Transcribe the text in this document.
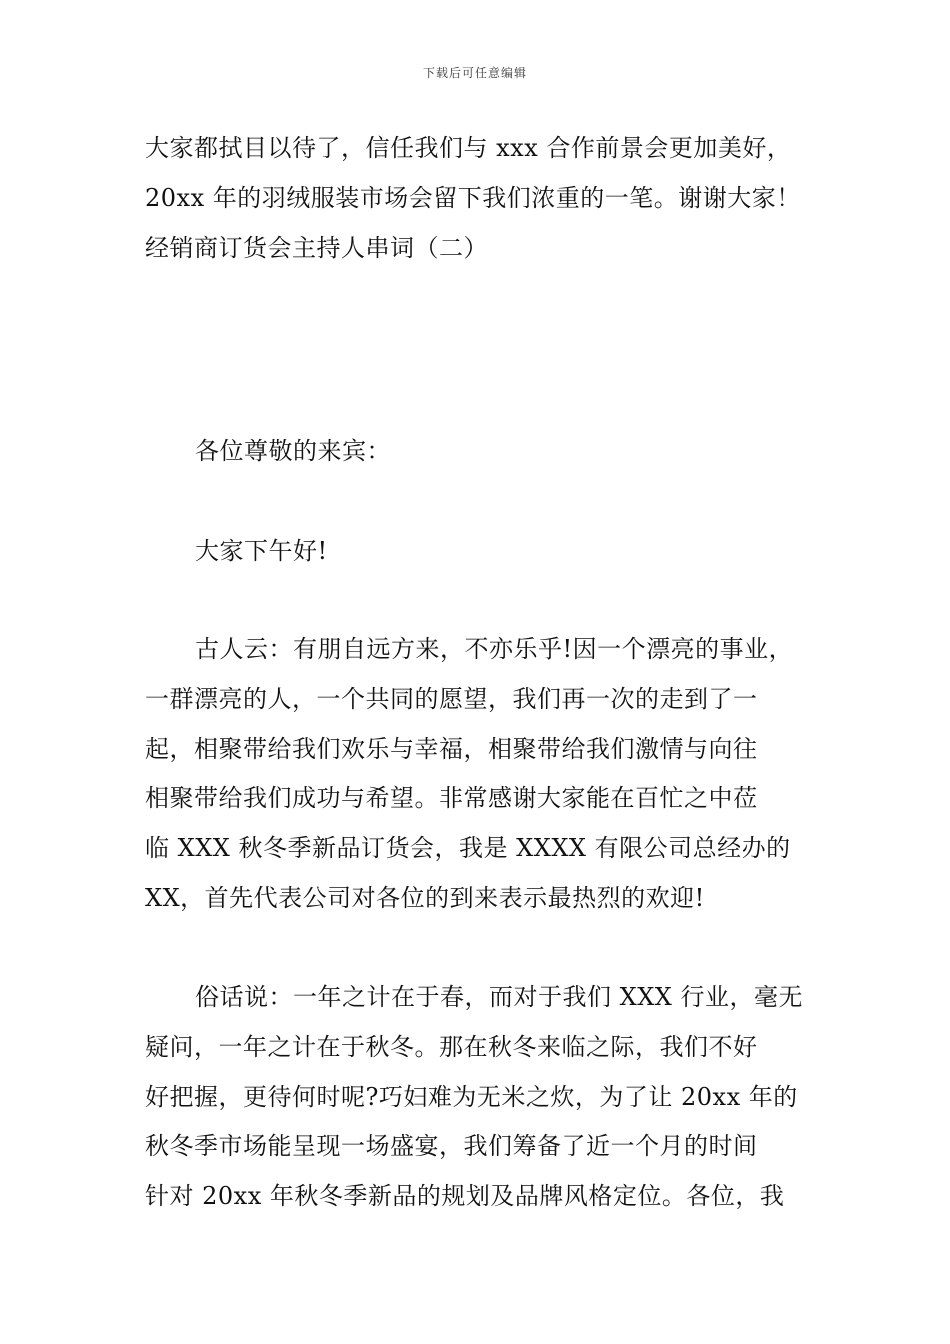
下载后可任意编辑
大家都拭目以待了，信任我们与 xxx 合作前景会更加美好，
20xx 年的羽绒服装市场会留下我们浓重的一笔。谢谢大家！
经销商订货会主持人串词（二）
各位尊敬的来宾：
大家下午好!
古人云：有朋自远方来，不亦乐乎!因一个漂亮的事业，
一群漂亮的人，一个共同的愿望，我们再一次的走到了一
起，相聚带给我们欢乐与幸福，相聚带给我们激情与向往
相聚带给我们成功与希望。非常感谢大家能在百忙之中莅
临 XXX 秋冬季新品订货会，我是 XXXX 有限公司总经办的
XX，首先代表公司对各位的到来表示最热烈的欢迎!
俗话说：一年之计在于春，而对于我们 XXX 行业，毫无
疑问，一年之计在于秋冬。那在秋冬来临之际，我们不好
好把握，更待何时呢?巧妇难为无米之炊，为了让 20xx 年的
秋冬季市场能呈现一场盛宴，我们筹备了近一个月的时间
针对 20xx 年秋冬季新品的规划及品牌风格定位。各位，我
